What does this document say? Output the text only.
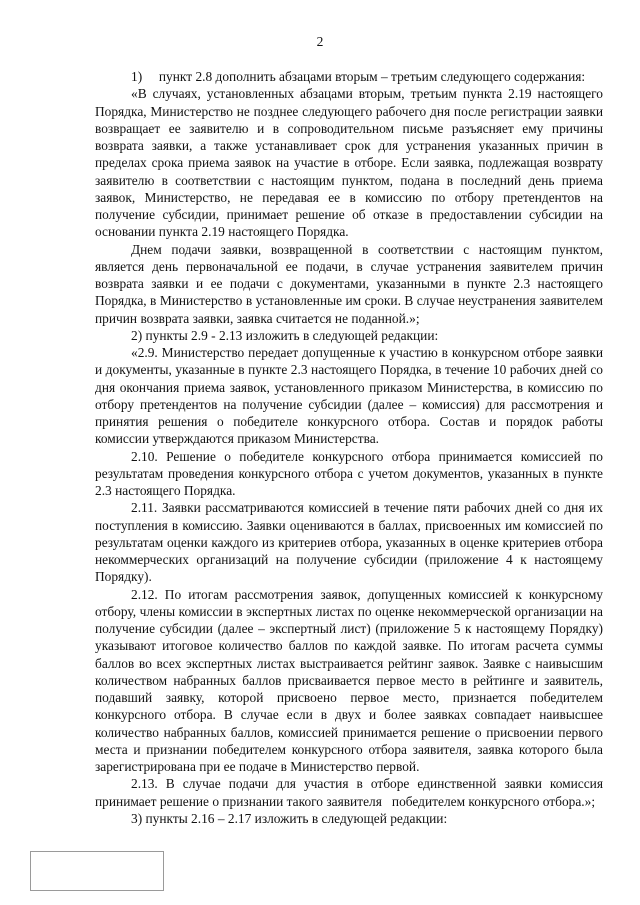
2

1)     пункт 2.8 дополнить абзацами вторым – третьим следующего содержания:

«В случаях, установленных абзацами вторым, третьим пункта 2.19 настоящего Порядка, Министерство не позднее следующего рабочего дня после регистрации заявки возвращает ее заявителю и в сопроводительном письме разъясняет ему причины возврата заявки, а также устанавливает срок для устранения указанных причин в пределах срока приема заявок на участие в отборе. Если заявка, подлежащая возврату заявителю в соответствии с настоящим пунктом, подана в последний день приема заявок, Министерство, не передавая ее в комиссию по отбору претендентов на получение субсидии, принимает решение об отказе в предоставлении субсидии на основании пункта 2.19 настоящего Порядка.

Днем подачи заявки, возвращенной в соответствии с настоящим пунктом, является день первоначальной ее подачи, в случае устранения заявителем причин возврата заявки и ее подачи с документами, указанными в пункте 2.3 настоящего Порядка, в Министерство в установленные им сроки. В случае неустранения заявителем причин возврата заявки, заявка считается не поданной.»;

2) пункты 2.9 - 2.13 изложить в следующей редакции:

«2.9. Министерство передает допущенные к участию в конкурсном отборе заявки и документы, указанные в пункте 2.3 настоящего Порядка, в течение 10 рабочих дней со дня окончания приема заявок, установленного приказом Министерства, в комиссию по отбору претендентов на получение субсидии (далее – комиссия) для рассмотрения и принятия решения о победителе конкурсного отбора. Состав и порядок работы комиссии утверждаются приказом Министерства.

2.10. Решение о победителе конкурсного отбора принимается комиссией по результатам проведения конкурсного отбора с учетом документов, указанных в пункте 2.3 настоящего Порядка.

2.11. Заявки рассматриваются комиссией в течение пяти рабочих дней со дня их поступления в комиссию. Заявки оцениваются в баллах, присвоенных им комиссией по результатам оценки каждого из критериев отбора, указанных в оценке критериев отбора некоммерческих организаций на получение субсидии (приложение 4 к настоящему Порядку).

2.12. По итогам рассмотрения заявок, допущенных комиссией к конкурсному отбору, члены комиссии в экспертных листах по оценке некоммерческой организации на получение субсидии (далее – экспертный лист) (приложение 5 к настоящему Порядку) указывают итоговое количество баллов по каждой заявке. По итогам расчета суммы баллов во всех экспертных листах выстраивается рейтинг заявок. Заявке с наивысшим количеством набранных баллов присваивается первое место в рейтинге и заявитель, подавший заявку, которой присвоено первое место, признается победителем конкурсного отбора. В случае если в двух и более заявках совпадает наивысшее количество набранных баллов, комиссией принимается решение о присвоении первого места и признании победителем конкурсного отбора заявителя, заявка которого была зарегистрирована при ее подаче в Министерство первой.

2.13. В случае подачи для участия в отборе единственной заявки комиссия принимает решение о признании такого заявителя   победителем конкурсного отбора.»;

3) пункты 2.16 – 2.17 изложить в следующей редакции:
